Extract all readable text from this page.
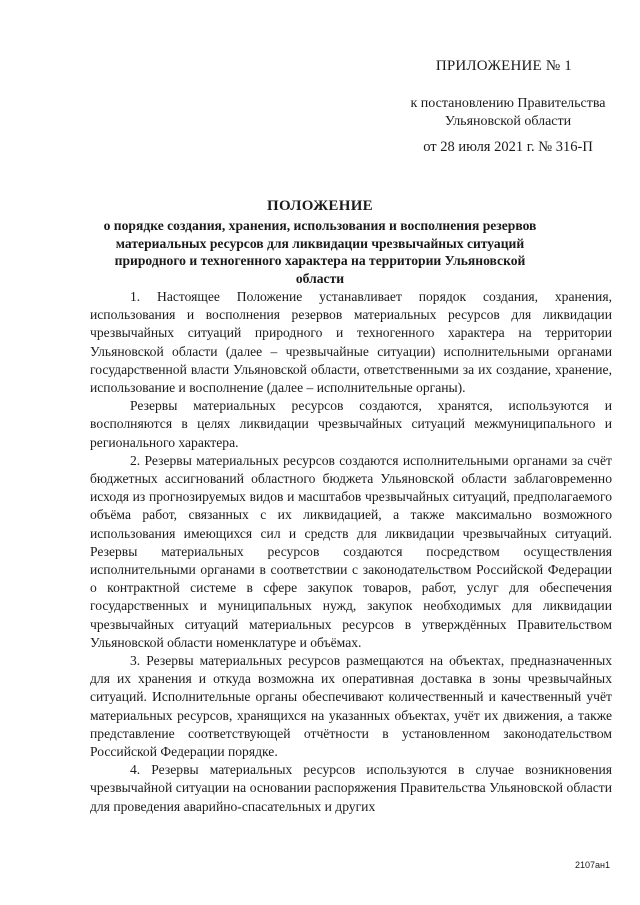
ПРИЛОЖЕНИЕ № 1
к постановлению Правительства Ульяновской области
от 28 июля 2021 г. № 316-П
ПОЛОЖЕНИЕ
о порядке создания, хранения, использования и восполнения резервов материальных ресурсов для ликвидации чрезвычайных ситуаций природного и техногенного характера на территории Ульяновской области

1. Настоящее Положение устанавливает порядок создания, хранения, использования и восполнения резервов материальных ресурсов для ликвидации чрезвычайных ситуаций природного и техногенного характера на территории Ульяновской области (далее – чрезвычайные ситуации) исполнительными органами государственной власти Ульяновской области, ответственными за их создание, хранение, использование и восполнение (далее – исполнительные органы).

Резервы материальных ресурсов создаются, хранятся, используются и восполняются в целях ликвидации чрезвычайных ситуаций межмуниципального и регионального характера.

2. Резервы материальных ресурсов создаются исполнительными органами за счёт бюджетных ассигнований областного бюджета Ульяновской области заблаговременно исходя из прогнозируемых видов и масштабов чрезвычайных ситуаций, предполагаемого объёма работ, связанных с их ликвидацией, а также максимально возможного использования имеющихся сил и средств для ликвидации чрезвычайных ситуаций. Резервы материальных ресурсов создаются посредством осуществления исполнительными органами в соответствии с законодательством Российской Федерации о контрактной системе в сфере закупок товаров, работ, услуг для обеспечения государственных и муниципальных нужд, закупок необходимых для ликвидации чрезвычайных ситуаций материальных ресурсов в утверждённых Правительством Ульяновской области номенклатуре и объёмах.

3. Резервы материальных ресурсов размещаются на объектах, предназначенных для их хранения и откуда возможна их оперативная доставка в зоны чрезвычайных ситуаций. Исполнительные органы обеспечивают количественный и качественный учёт материальных ресурсов, хранящихся на указанных объектах, учёт их движения, а также представление соответствующей отчётности в установленном законодательством Российской Федерации порядке.

4. Резервы материальных ресурсов используются в случае возникновения чрезвычайной ситуации на основании распоряжения Правительства Ульяновской области для проведения аварийно-спасательных и других

2107ан1
